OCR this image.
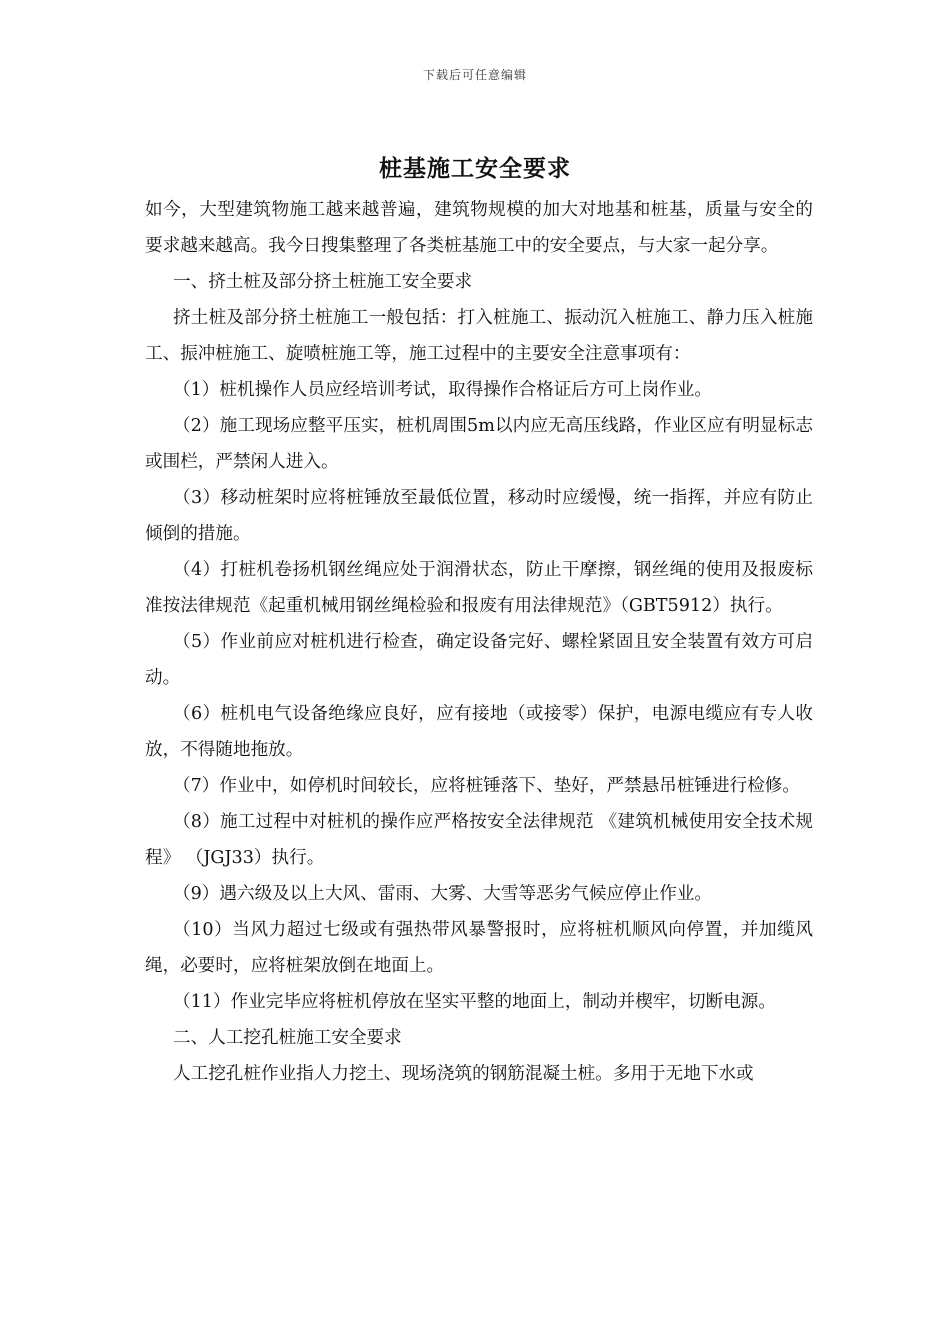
下载后可任意编辑
桩基施工安全要求

如今，大型建筑物施工越来越普遍，建筑物规模的加大对地基和桩基，质量与安全的要求越来越高。我今日搜集整理了各类桩基施工中的安全要点，与大家一起分享。

一、挤土桩及部分挤土桩施工安全要求

挤土桩及部分挤土桩施工一般包括：打入桩施工、振动沉入桩施工、静力压入桩施工、振冲桩施工、旋喷桩施工等，施工过程中的主要安全注意事项有：

（1）桩机操作人员应经培训考试，取得操作合格证后方可上岗作业。

（2）施工现场应整平压实，桩机周围5m以内应无高压线路，作业区应有明显标志或围栏，严禁闲人进入。

（3）移动桩架时应将桩锤放至最低位置，移动时应缓慢，统一指挥，并应有防止倾倒的措施。

（4）打桩机卷扬机钢丝绳应处于润滑状态，防止干摩擦，钢丝绳的使用及报废标准按法律规范《起重机械用钢丝绳检验和报废有用法律规范》（GBT5912）执行。

（5）作业前应对桩机进行检查，确定设备完好、螺栓紧固且安全装置有效方可启动。

（6）桩机电气设备绝缘应良好，应有接地（或接零）保护，电源电缆应有专人收放，不得随地拖放。

（7）作业中，如停机时间较长，应将桩锤落下、垫好，严禁悬吊桩锤进行检修。

（8）施工过程中对桩机的操作应严格按安全法律规范 《建筑机械使用安全技术规程》 （JGJ33）执行。

（9）遇六级及以上大风、雷雨、大雾、大雪等恶劣气候应停止作业。

（10）当风力超过七级或有强热带风暴警报时，应将桩机顺风向停置，并加缆风绳，必要时，应将桩架放倒在地面上。

（11）作业完毕应将桩机停放在坚实平整的地面上，制动并楔牢，切断电源。

二、人工挖孔桩施工安全要求

人工挖孔桩作业指人力挖土、现场浇筑的钢筋混凝土桩。多用于无地下水或
